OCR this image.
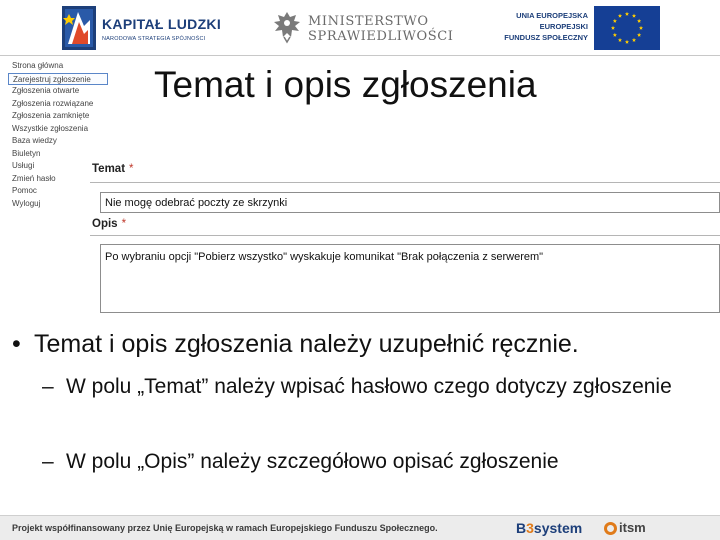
KAPITAŁ LUDZKI
NARODOWA STRATEGIA SPÓJNOŚCI
MINISTERSTWO
SPRAWIEDLIWOŚCI
UNIA EUROPEJSKA
EUROPEJSKI
FUNDUSZ SPOŁECZNY
Strona główna
Zarejestruj zgłoszenie
Zgłoszenia otwarte
Zgłoszenia rozwiązane
Zgłoszenia zamknięte
Wszystkie zgłoszenia
Baza wiedzy
Biuletyn
Usługi
Zmień hasło
Pomoc
Wyloguj
Temat i opis zgłoszenia
Temat *
Nie mogę odebrać poczty ze skrzynki
Opis *
Po wybraniu opcji "Pobierz wszystko" wyskakuje komunikat "Brak połączenia z serwerem"
• Temat i opis zgłoszenia należy uzupełnić ręcznie.
– W polu „Temat” należy wpisać hasłowo czego dotyczy zgłoszenie
– W polu „Opis” należy szczegółowo opisać zgłoszenie
Projekt współfinansowany przez Unię Europejską w ramach Europejskiego Funduszu Społecznego.	B3system	itsm
